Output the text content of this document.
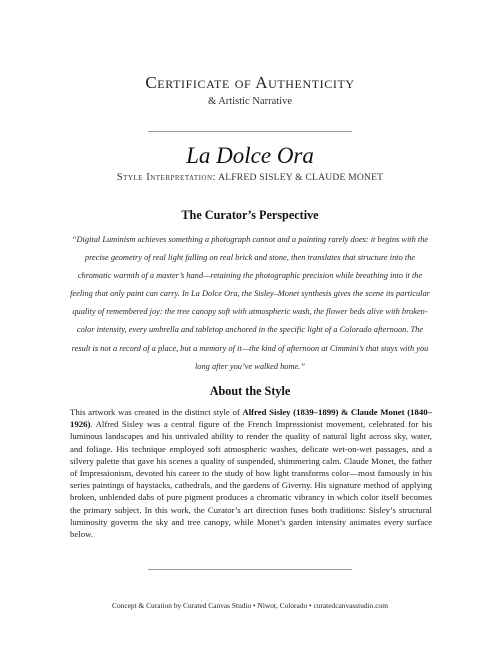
Certificate of Authenticity
& Artistic Narrative
La Dolce Ora
Style Interpretation: ALFRED SISLEY & CLAUDE MONET
The Curator’s Perspective
“Digital Luminism achieves something a photograph cannot and a painting rarely does: it begins with the precise geometry of real light falling on real brick and stone, then translates that structure into the chromatic warmth of a master’s hand—retaining the photographic precision while breathing into it the feeling that only paint can carry. In La Dolce Ora, the Sisley–Monet synthesis gives the scene its particular quality of remembered joy: the tree canopy soft with atmospheric wash, the flower beds alive with broken-color intensity, every umbrella and tabletop anchored in the specific light of a Colorado afternoon. The result is not a record of a place, but a memory of it—the kind of afternoon at Cimmini’s that stays with you long after you’ve walked home.”
About the Style
This artwork was created in the distinct style of Alfred Sisley (1839–1899) & Claude Monet (1840–1926). Alfred Sisley was a central figure of the French Impressionist movement, celebrated for his luminous landscapes and his unrivaled ability to render the quality of natural light across sky, water, and foliage. His technique employed soft atmospheric washes, delicate wet-on-wet passages, and a silvery palette that gave his scenes a quality of suspended, shimmering calm. Claude Monet, the father of Impressionism, devoted his career to the study of how light transforms color—most famously in his series paintings of haystacks, cathedrals, and the gardens of Giverny. His signature method of applying broken, unblended dabs of pure pigment produces a chromatic vibrancy in which color itself becomes the primary subject. In this work, the Curator’s art direction fuses both traditions: Sisley’s structural luminosity governs the sky and tree canopy, while Monet’s garden intensity animates every surface below.
Concept & Curation by Curated Canvas Studio • Niwot, Colorado • curatedcanvasstudio.com
